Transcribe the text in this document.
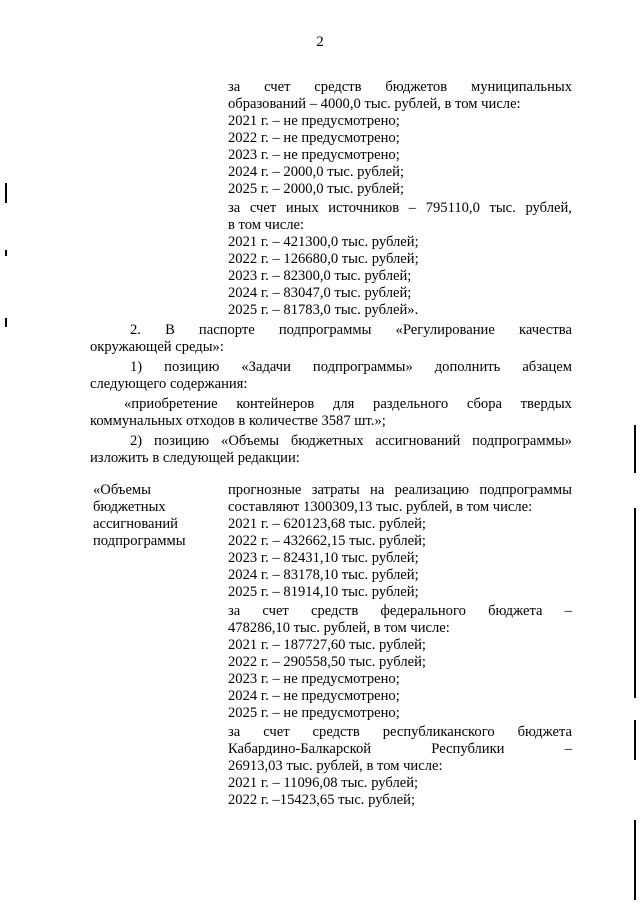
2
за счет средств бюджетов муниципальных
образований – 4000,0 тыс. рублей, в том числе:
2021 г. – не предусмотрено;
2022 г. – не предусмотрено;
2023 г. – не предусмотрено;
2024 г. – 2000,0 тыс. рублей;
2025 г. – 2000,0 тыс. рублей;
за счет иных источников – 795110,0 тыс. рублей,
в том числе:
2021 г. – 421300,0 тыс. рублей;
2022 г. – 126680,0 тыс. рублей;
2023 г. – 82300,0 тыс. рублей;
2024 г. – 83047,0 тыс. рублей;
2025 г. – 81783,0 тыс. рублей».
2. В паспорте подпрограммы «Регулирование качества
окружающей среды»:
1) позицию «Задачи подпрограммы» дополнить абзацем
следующего содержания:
«приобретение контейнеров для раздельного сбора твердых
коммунальных отходов в количестве 3587 шт.»;
2) позицию «Объемы бюджетных ассигнований подпрограммы»
изложить в следующей редакции:
«Объемы
бюджетных
ассигнований
подпрограммы
прогнозные затраты на реализацию подпрограммы
составляют 1300309,13 тыс. рублей, в том числе:
2021 г. – 620123,68 тыс. рублей;
2022 г. – 432662,15 тыс. рублей;
2023 г. – 82431,10 тыс. рублей;
2024 г. – 83178,10 тыс. рублей;
2025 г. – 81914,10 тыс. рублей;
за счет средств федерального бюджета –
478286,10 тыс. рублей, в том числе:
2021 г. – 187727,60 тыс. рублей;
2022 г. – 290558,50 тыс. рублей;
2023 г. – не предусмотрено;
2024 г. – не предусмотрено;
2025 г. – не предусмотрено;
за счет средств республиканского бюджета
Кабардино-Балкарской	Республики	–
26913,03 тыс. рублей, в том числе:
2021 г. – 11096,08 тыс. рублей;
2022 г. –15423,65 тыс. рублей;
